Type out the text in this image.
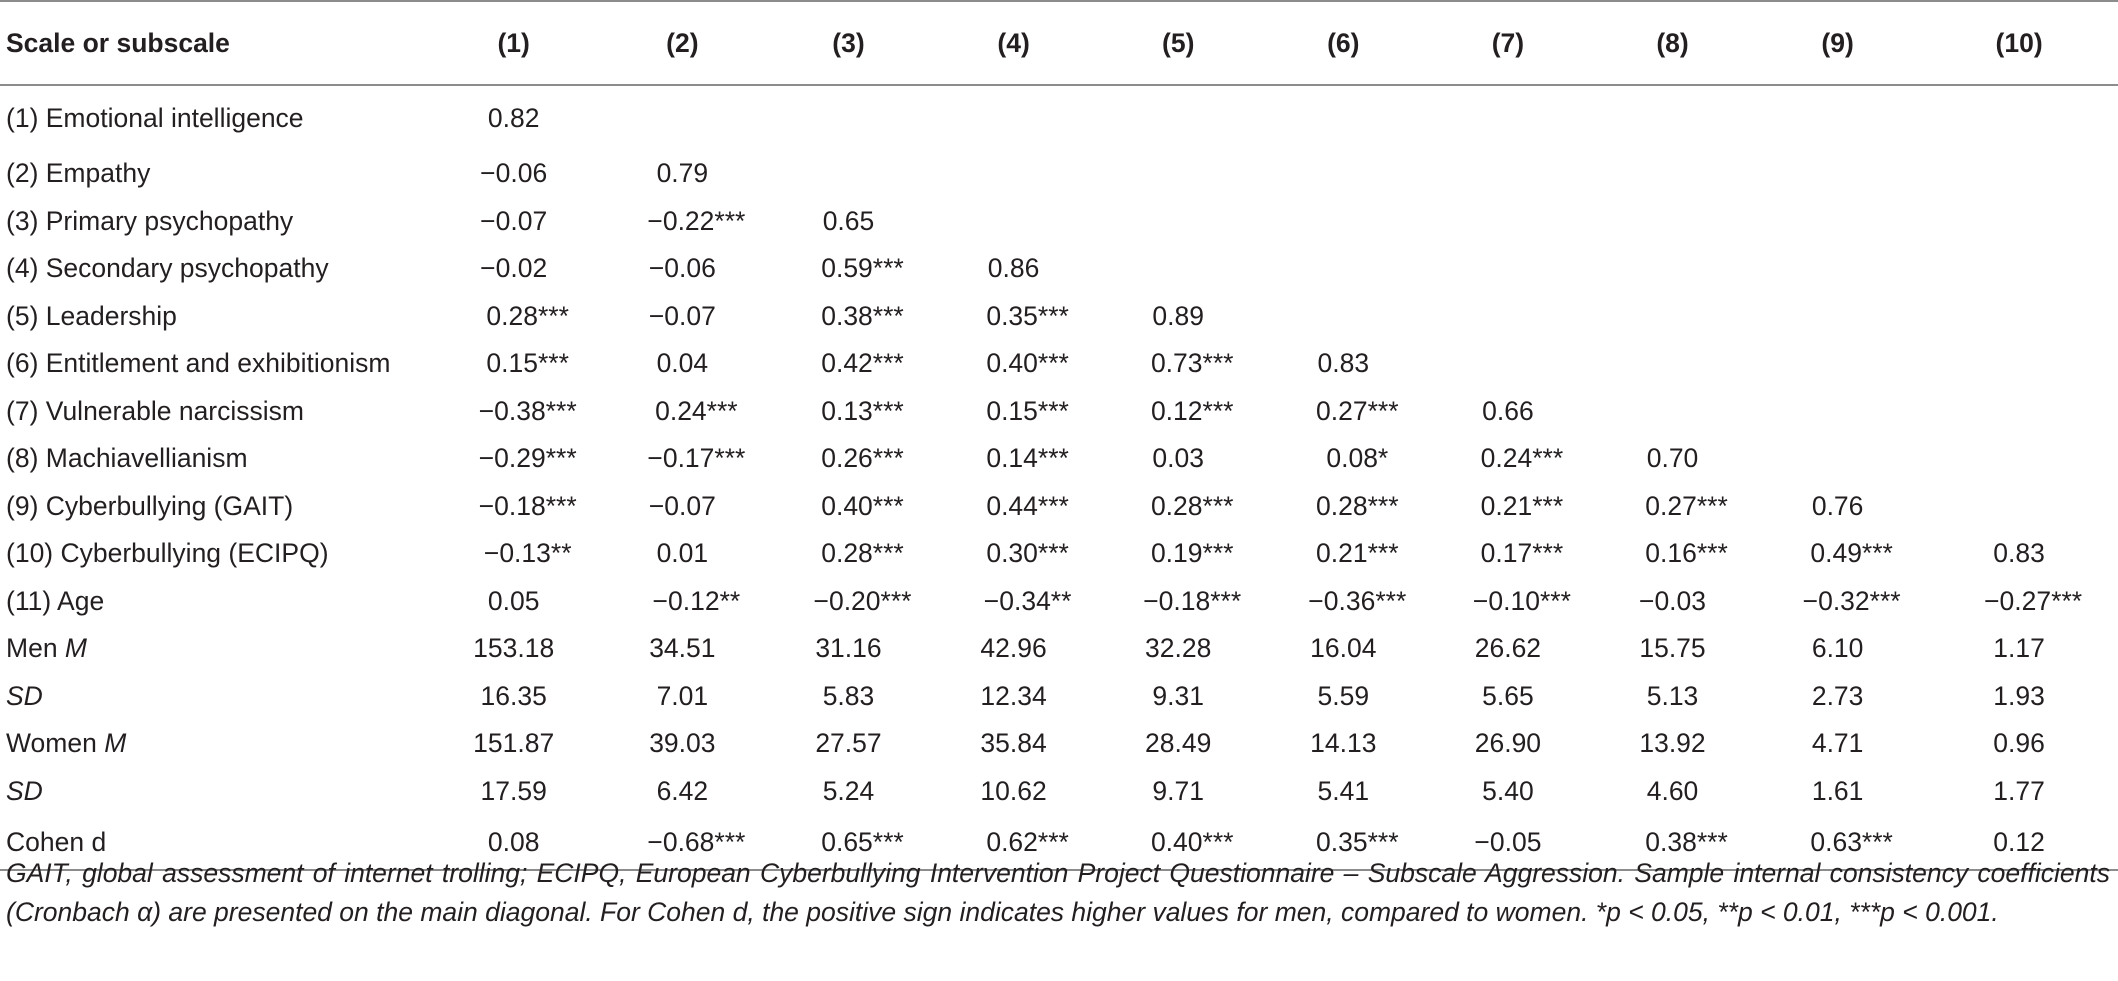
Scale or subscale	(1)	(2)	(3)	(4)	(5)	(6)	(7)	(8)	(9)	(10)
(1) Emotional intelligence	0.82									
(2) Empathy	−0.06	0.79								
(3) Primary psychopathy	−0.07	−0.22***	0.65							
(4) Secondary psychopathy	−0.02	−0.06	0.59***	0.86						
(5) Leadership	0.28***	−0.07	0.38***	0.35***	0.89					
(6) Entitlement and exhibitionism	0.15***	0.04	0.42***	0.40***	0.73***	0.83				
(7) Vulnerable narcissism	−0.38***	0.24***	0.13***	0.15***	0.12***	0.27***	0.66			
(8) Machiavellianism	−0.29***	−0.17***	0.26***	0.14***	0.03	0.08*	0.24***	0.70		
(9) Cyberbullying (GAIT)	−0.18***	−0.07	0.40***	0.44***	0.28***	0.28***	0.21***	0.27***	0.76	
(10) Cyberbullying (ECIPQ)	−0.13**	0.01	0.28***	0.30***	0.19***	0.21***	0.17***	0.16***	0.49***	0.83
(11) Age	0.05	−0.12**	−0.20***	−0.34**	−0.18***	−0.36***	−0.10***	−0.03	−0.32***	−0.27***
Men M	153.18	34.51	31.16	42.96	32.28	16.04	26.62	15.75	6.10	1.17
SD	16.35	7.01	5.83	12.34	9.31	5.59	5.65	5.13	2.73	1.93
Women M	151.87	39.03	27.57	35.84	28.49	14.13	26.90	13.92	4.71	0.96
SD	17.59	6.42	5.24	10.62	9.71	5.41	5.40	4.60	1.61	1.77
Cohen d	0.08	−0.68***	0.65***	0.62***	0.40***	0.35***	−0.05	0.38***	0.63***	0.12

GAIT, global assessment of internet trolling; ECIPQ, European Cyberbullying Intervention Project Questionnaire – Subscale Aggression. Sample internal consistency coefficients (Cronbach α) are presented on the main diagonal. For Cohen d, the positive sign indicates higher values for men, compared to women. *p < 0.05, **p < 0.01, ***p < 0.001.
